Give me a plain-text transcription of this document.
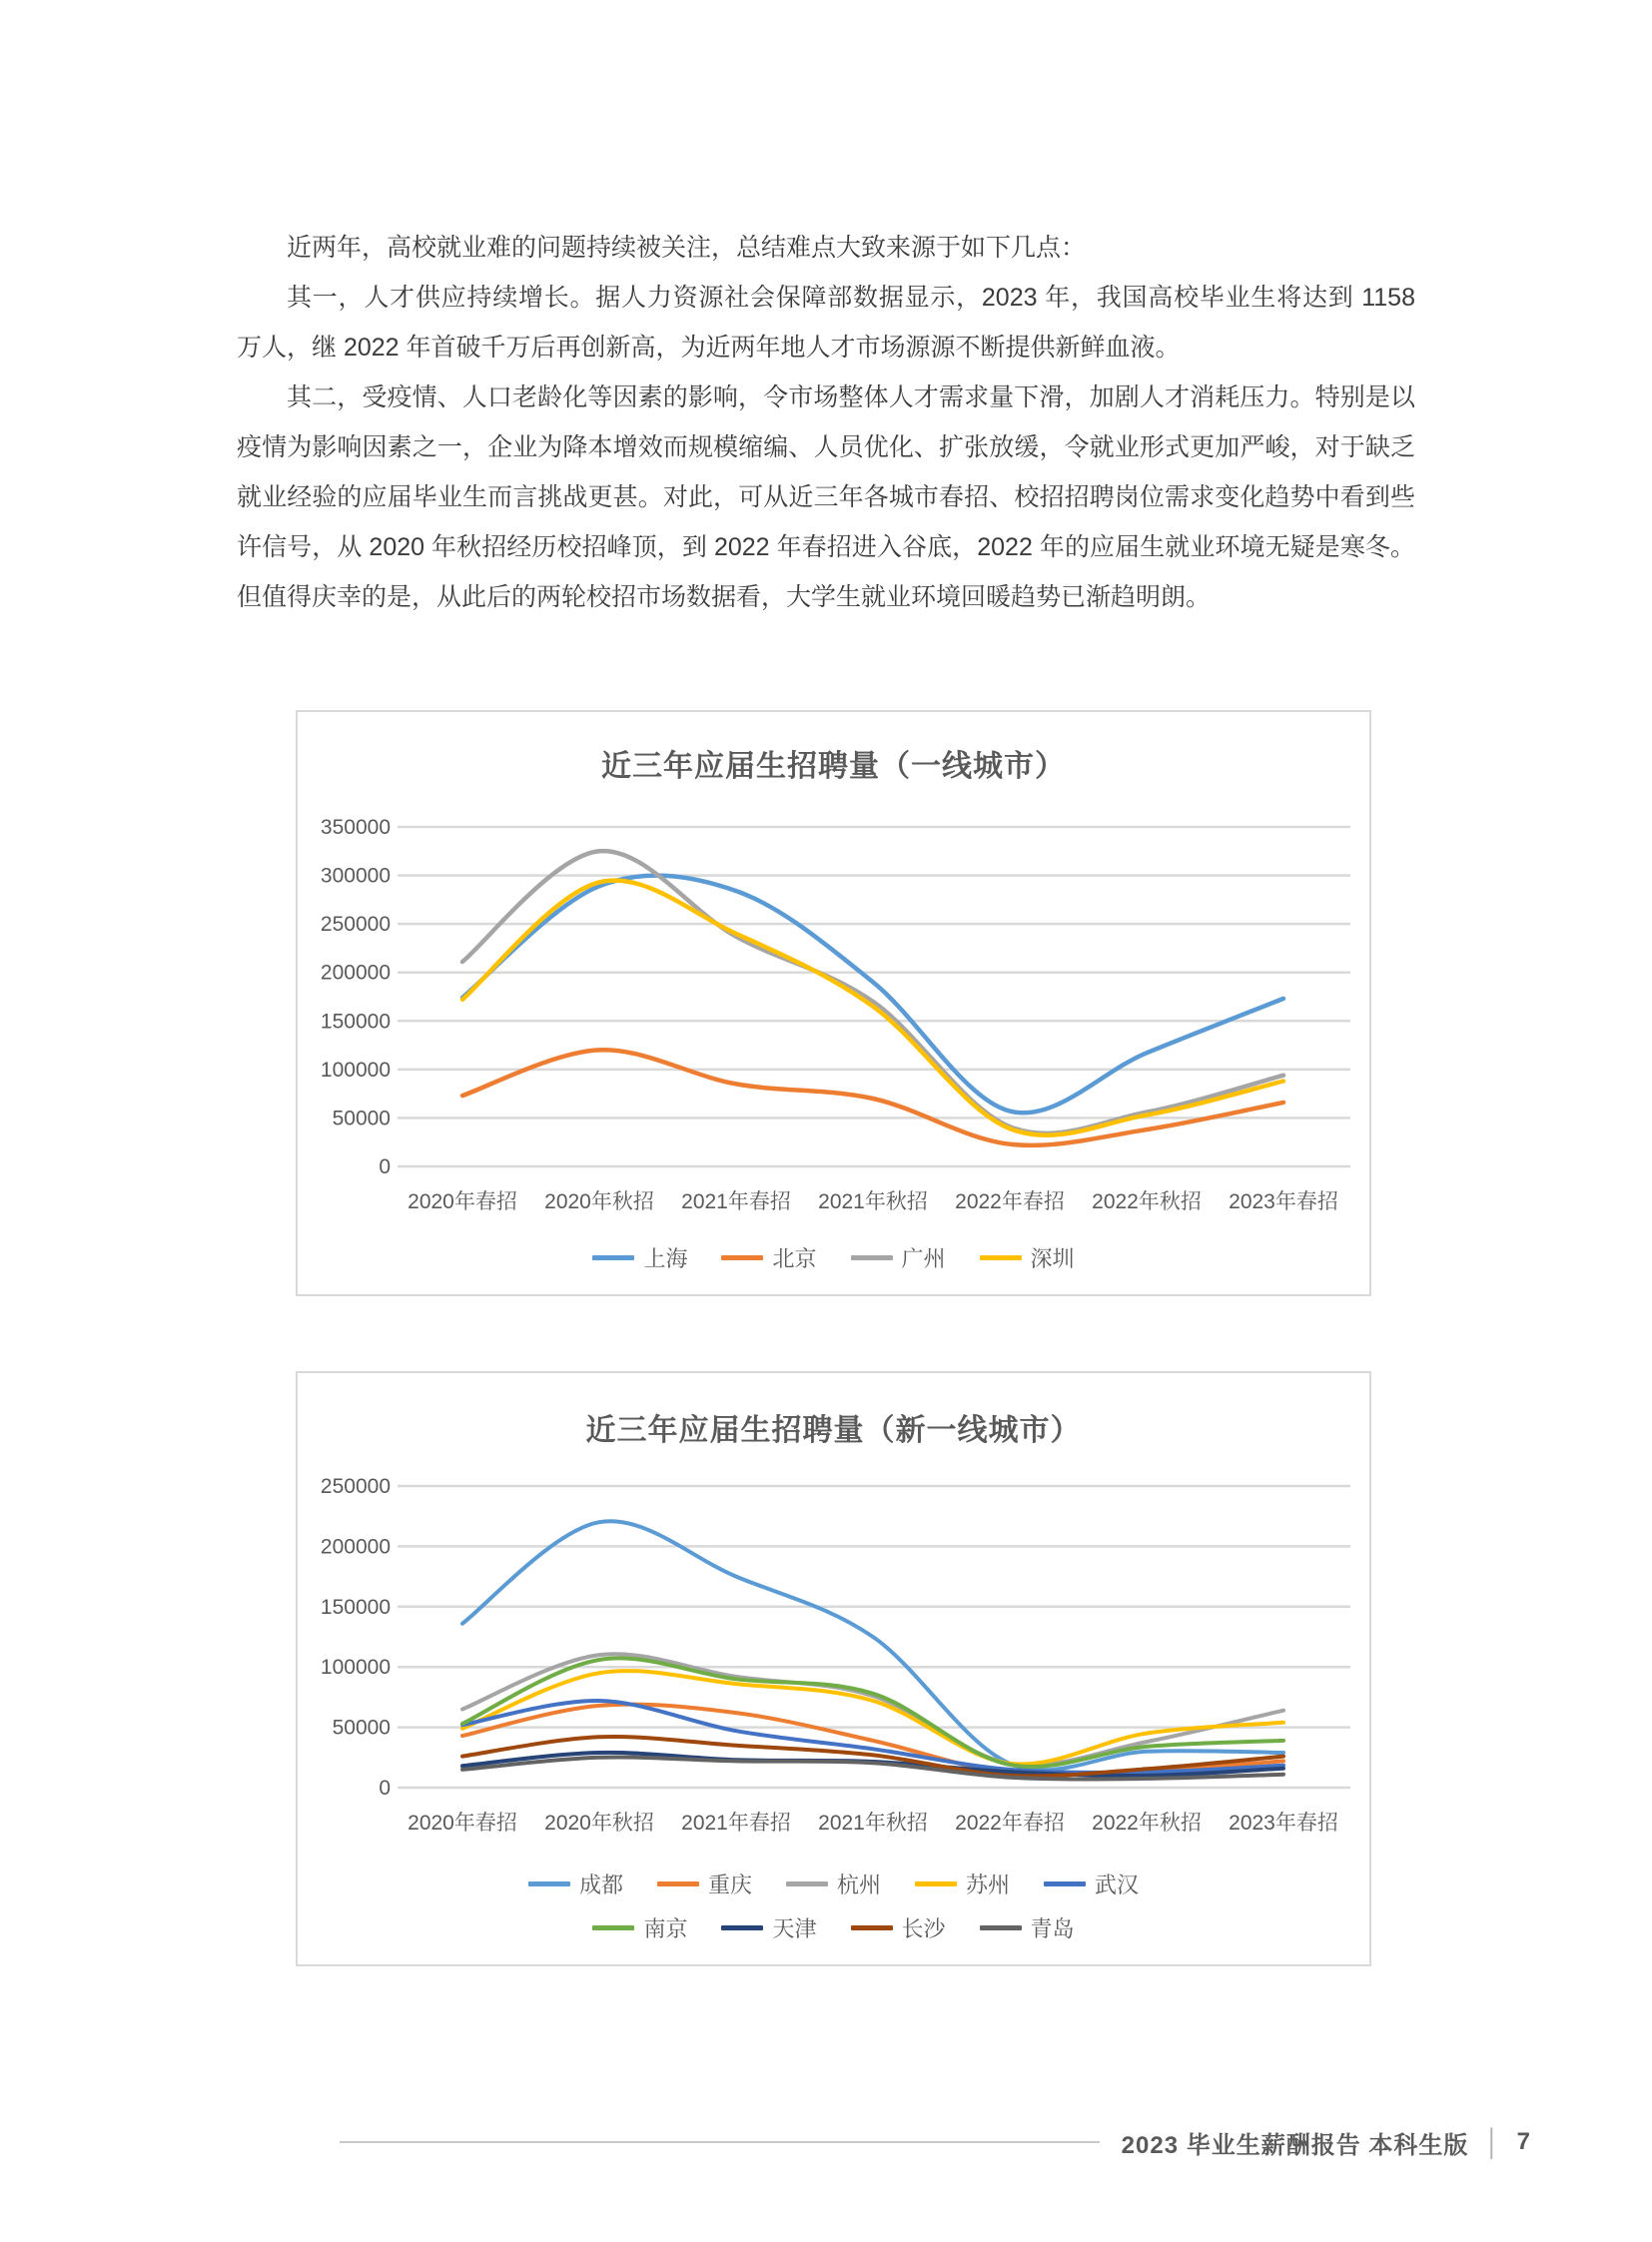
近两年，高校就业难的问题持续被关注，总结难点大致来源于如下几点：

其一，人才供应持续增长。据人力资源社会保障部数据显示，2023 年，我国高校毕业生将达到 1158 万人，继 2022 年首破千万后再创新高，为近两年地人才市场源源不断提供新鲜血液。

其二，受疫情、人口老龄化等因素的影响，令市场整体人才需求量下滑，加剧人才消耗压力。特别是以疫情为影响因素之一，企业为降本增效而规模缩编、人员优化、扩张放缓，令就业形式更加严峻，对于缺乏就业经验的应届毕业生而言挑战更甚。对此，可从近三年各城市春招、校招招聘岗位需求变化趋势中看到些许信号，从 2020 年秋招经历校招峰顶，到 2022 年春招进入谷底，2022 年的应届生就业环境无疑是寒冬。但值得庆幸的是，从此后的两轮校招市场数据看，大学生就业环境回暖趋势已渐趋明朗。

近三年应届生招聘量（一线城市）
0
50000
100000
150000
200000
250000
300000
350000
2020年春招 2020年秋招 2021年春招 2021年秋招 2022年春招 2022年秋招 2023年春招
上海	北京	广州	深圳
近三年应届生招聘量（新一线城市）
0
50000
100000
150000
200000
250000
2020年春招 2020年秋招 2021年春招 2021年秋招 2022年春招 2022年秋招 2023年春招
成都	重庆	杭州	苏州	武汉
南京	天津	长沙	青岛
2023 毕业生薪酬报告 本科生版 │ 7
